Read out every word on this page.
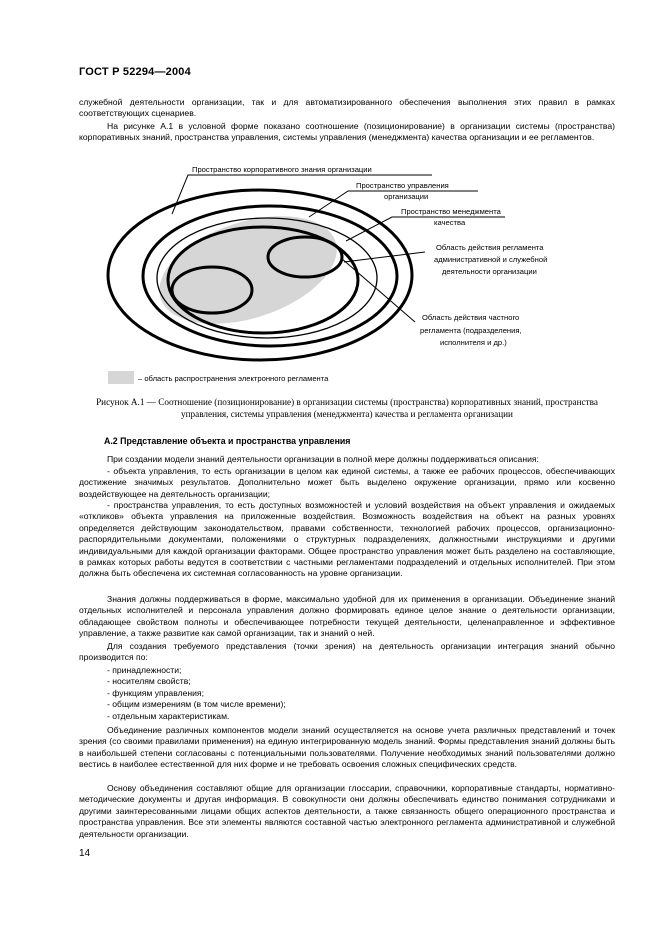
ГОСТ Р 52294—2004

служебной деятельности организации, так и для автоматизированного обеспечения выполнения этих правил в рамках соответствующих сценариев.

На рисунке А.1 в условной форме показано соотношение (позиционирование) в организации системы (пространства) корпоративных знаний, пространства управления, системы управления (менеджмента) качества организации и ее регламентов.

Пространство корпоративного знания организации
Пространство управления
организации
Пространство менеджмента
качества
Область действия регламента
административной и служебной
деятельности организации
Область действия частного
регламента (подразделения,
исполнителя и др.)
– область распространения электронного регламента
Рисунок А.1 — Соотношение (позиционирование) в организации системы (пространства) корпоративных знаний, пространства управления, системы управления (менеджмента) качества и регламента организации
А.2 Представление объекта и пространства управления

При создании модели знаний деятельности организации в полной мере должны поддерживаться описания:

- объекта управления, то есть организации в целом как единой системы, а также ее рабочих процессов, обеспечивающих достижение значимых результатов. Дополнительно может быть выделено окружение организации, прямо или косвенно воздействующее на деятельность организации;

- пространства управления, то есть доступных возможностей и условий воздействия на объект управления и ожидаемых «откликов» объекта управления на приложенные воздействия. Возможность воздействия на объект на разных уровнях определяется действующим законодательством, правами собственности, технологией рабочих процессов, организационно-распорядительными документами, положениями о структурных подразделениях, должностными инструкциями и другими индивидуальными для каждой организации факторами. Общее пространство управления может быть разделено на составляющие, в рамках которых работы ведутся в соответствии с частными регламентами подразделений и отдельных исполнителей. При этом должна быть обеспечена их системная согласованность на уровне организации.

Знания должны поддерживаться в форме, максимально удобной для их применения в организации. Объединение знаний отдельных исполнителей и персонала управления должно формировать единое целое знание о деятельности организации, обладающее свойством полноты и обеспечивающее потребности текущей деятельности, целенаправленное и эффективное управление, а также развитие как самой организации, так и знаний о ней.

Для создания требуемого представления (точки зрения) на деятельность организации интеграция знаний обычно производится по:

- принадлежности;
- носителям свойств;
- функциям управления;
- общим измерениям (в том числе времени);
- отдельным характеристикам.

Объединение различных компонентов модели знаний осуществляется на основе учета различных представлений и точек зрения (со своими правилами применения) на единую интегрированную модель знаний. Формы представления знаний должны быть в наибольшей степени согласованы с потенциальными пользователями. Получение необходимых знаний пользователями должно вестись в наиболее естественной для них форме и не требовать освоения сложных специфических средств.

Основу объединения составляют общие для организации глоссарии, справочники, корпоративные стандарты, нормативно-методические документы и другая информация. В совокупности они должны обеспечивать единство понимания сотрудниками и другими заинтересованными лицами общих аспектов деятельности, а также связанность общего операционного пространства и пространства управления. Все эти элементы являются составной частью электронного регламента административной и служебной деятельности организации.

14
